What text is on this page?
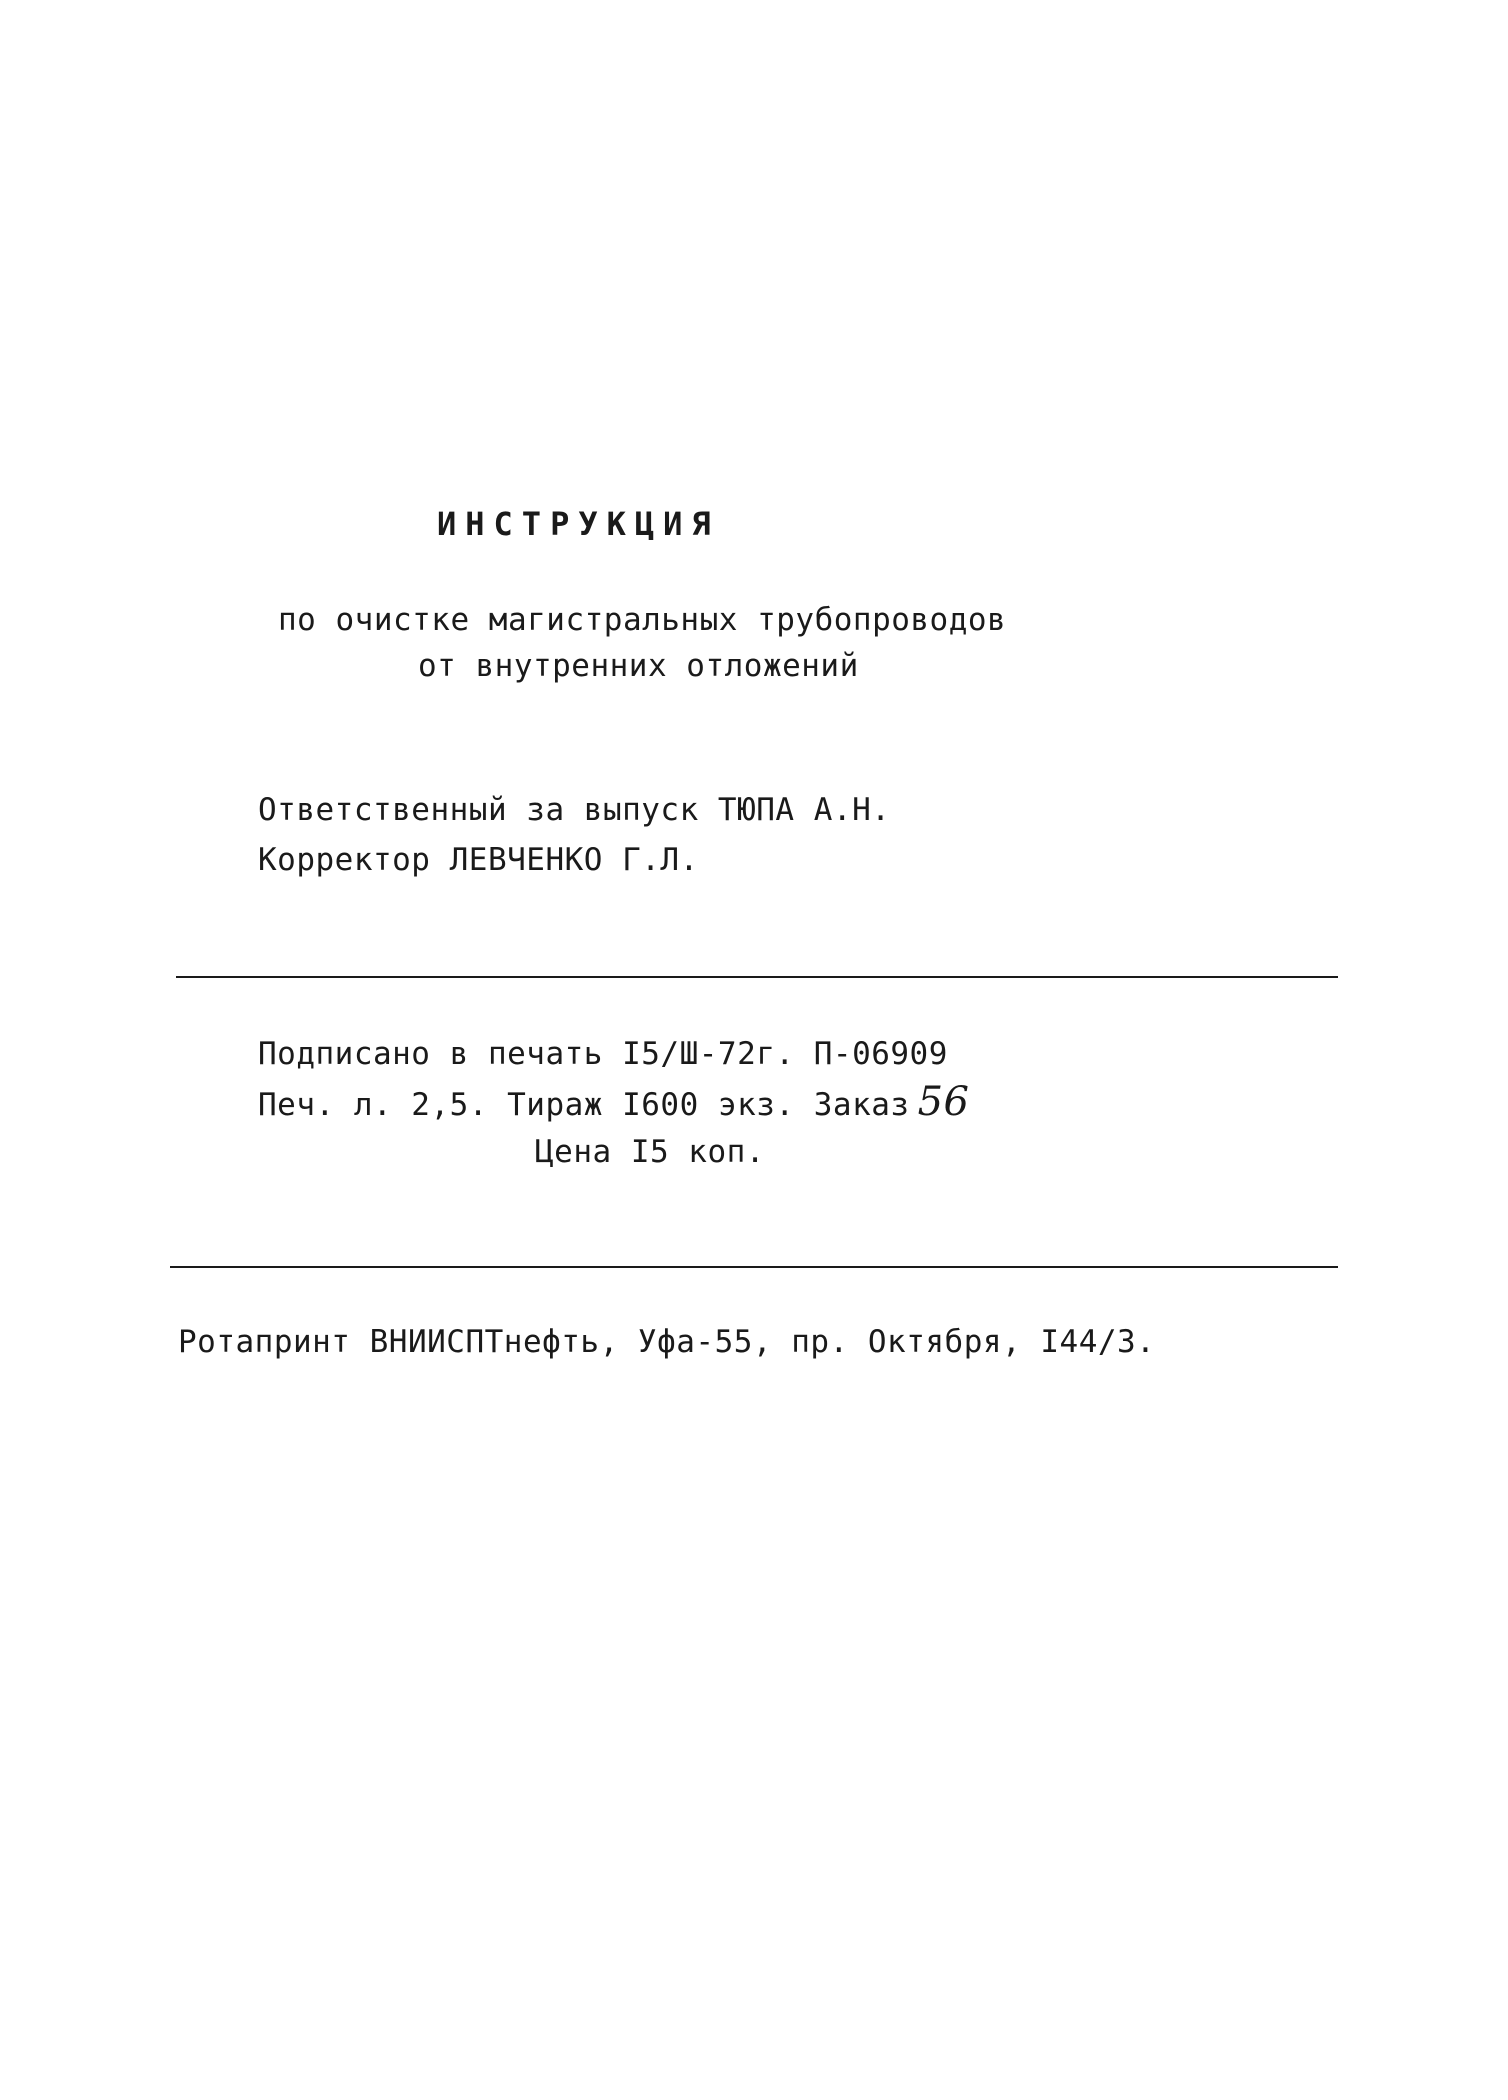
ИНСТРУКЦИЯ
по очистке магистральных трубопроводов
от внутренних отложений
Ответственный за выпуск ТЮПА А.Н.
Корректор ЛЕВЧЕНКО Г.Л.
Подписано в печать I5/Ш-72г. П-06909
Печ. л. 2,5. Тираж I600 экз. Заказ 56
Цена I5 коп.
Ротапринт ВНИИСПТнефть, Уфа-55, пр. Октября, I44/3.
